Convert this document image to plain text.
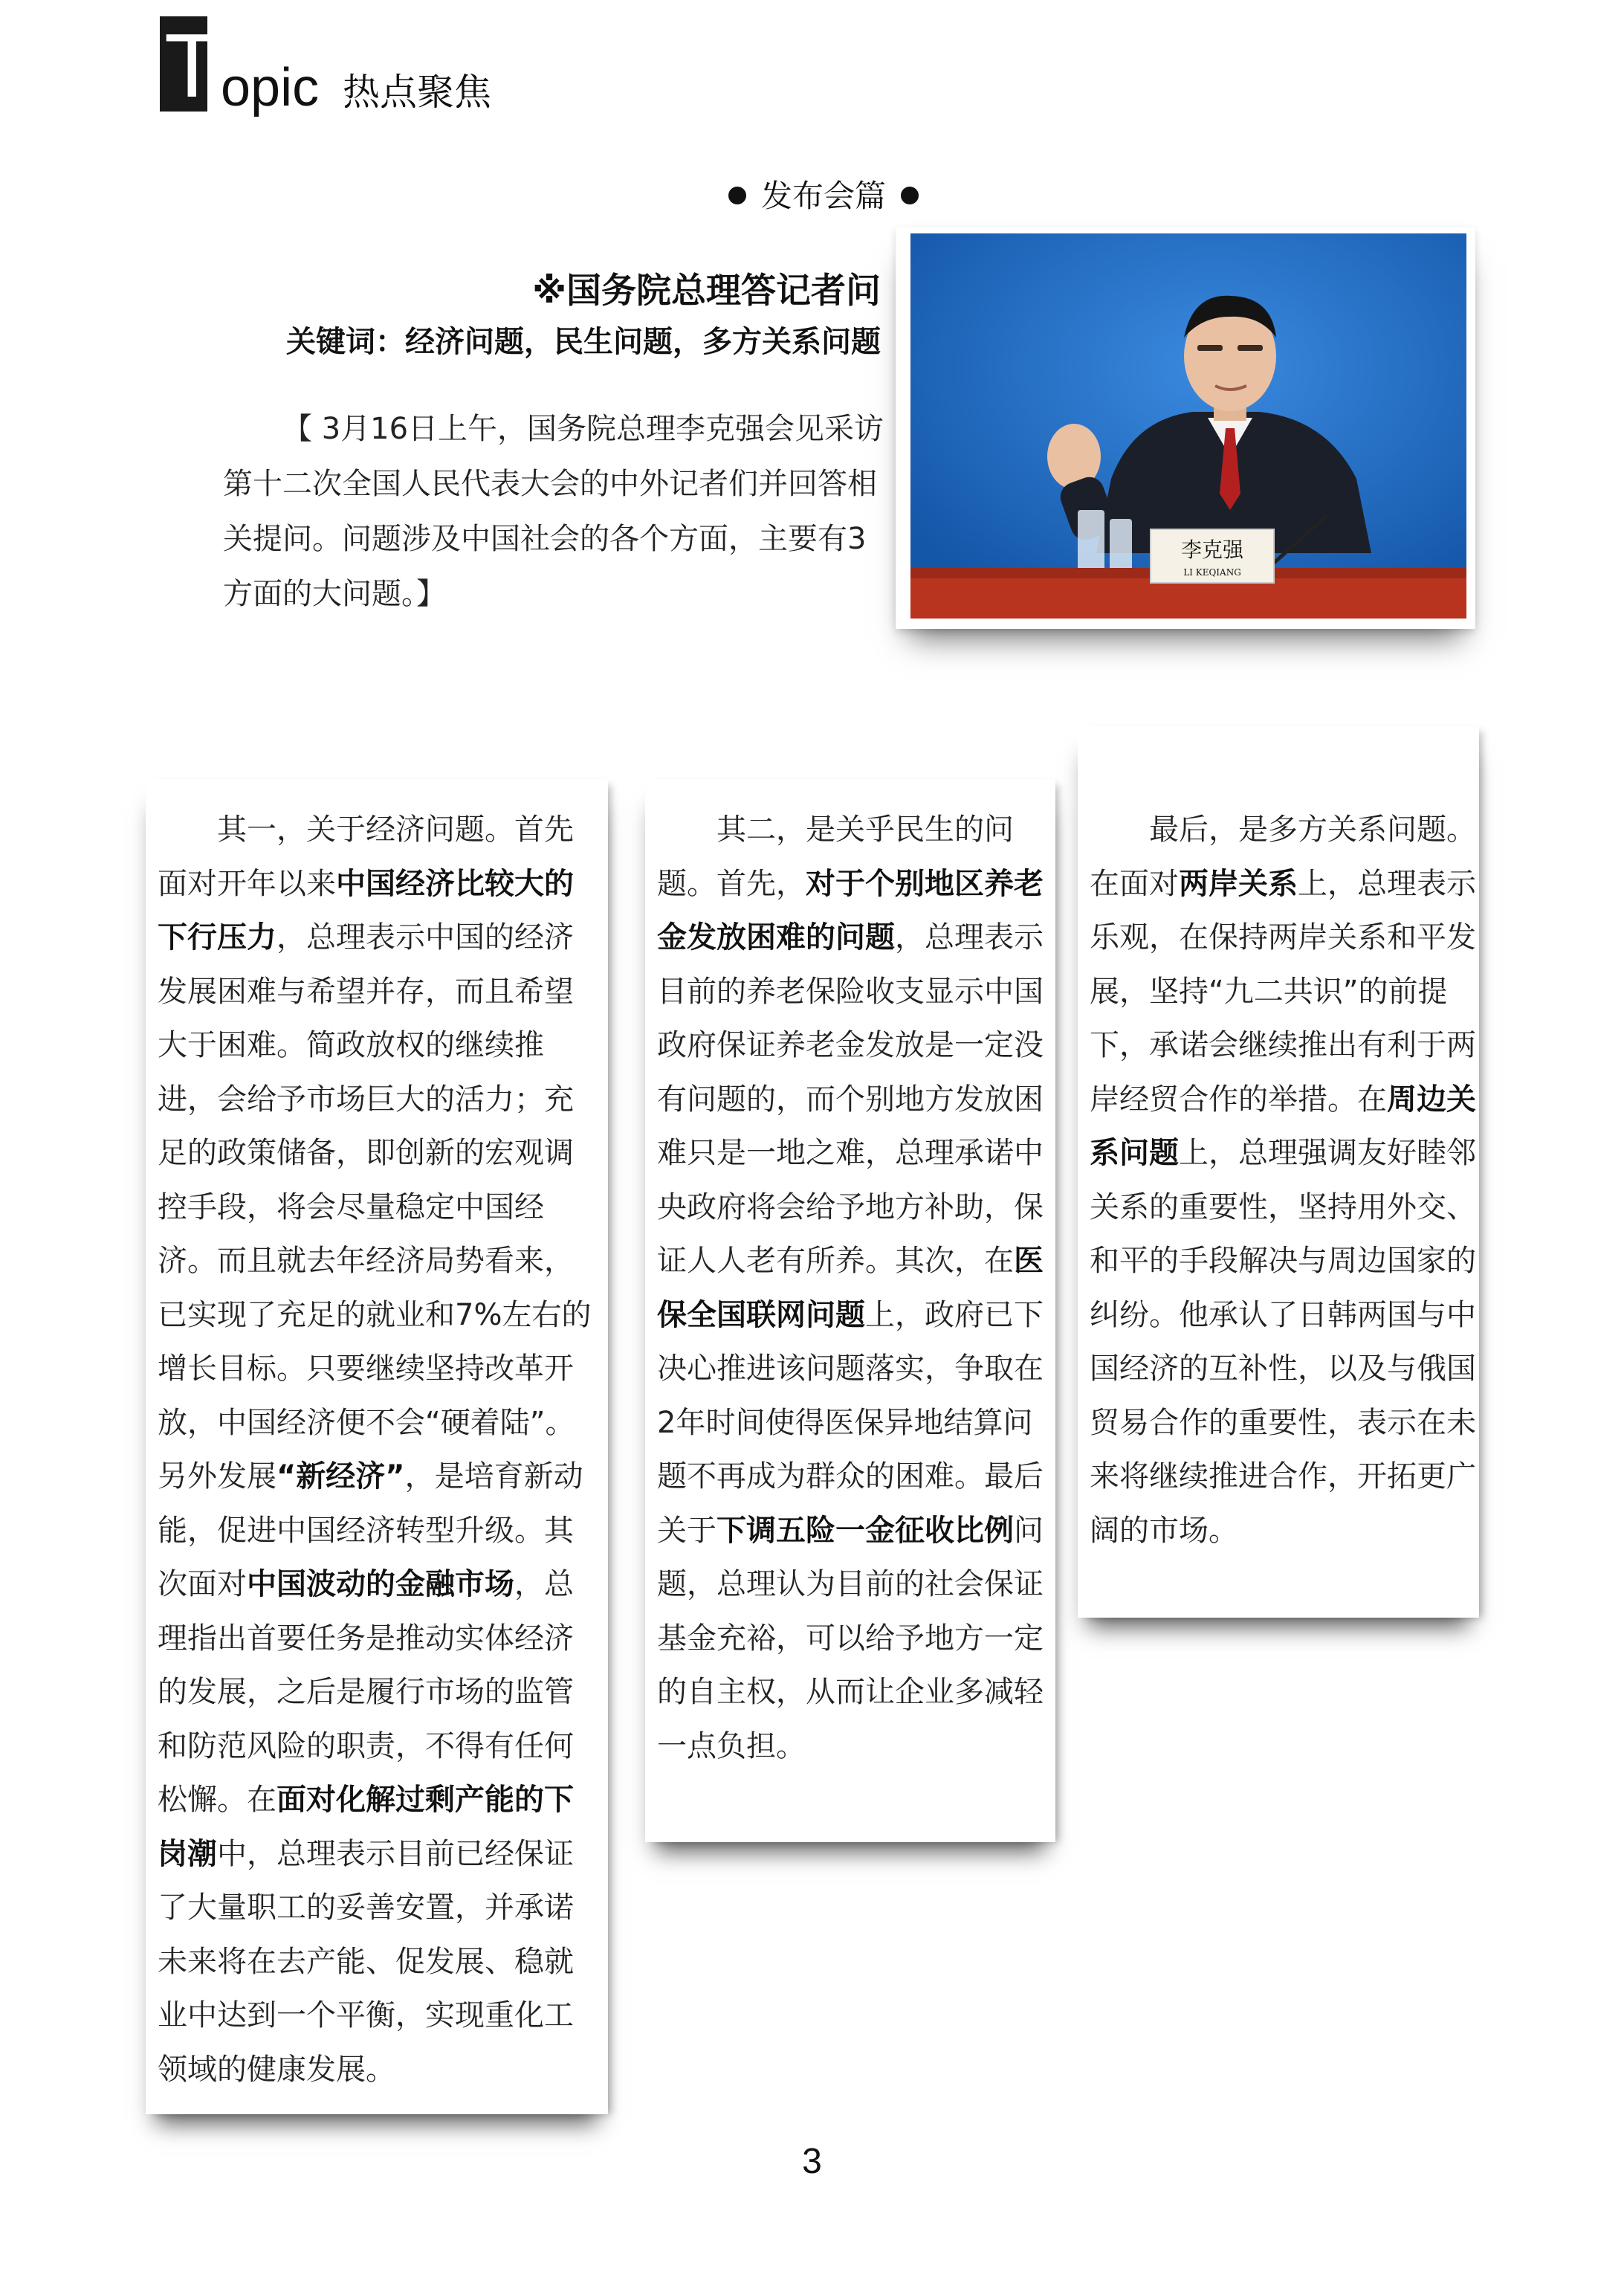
T opic 热点聚焦
发布会篇
※国务院总理答记者问
关键词：经济问题，民生问题，多方关系问题
【 3月16日上午，国务院总理李克强会见采访第十二次全国人民代表大会的中外记者们并回答相关提问。问题涉及中国社会的各个方面，主要有3方面的大问题。】
李克强
LI KEQIANG

其一，关于经济问题。首先面对开年以来中国经济比较大的下行压力，总理表示中国的经济发展困难与希望并存，而且希望大于困难。简政放权的继续推进，会给予市场巨大的活力；充足的政策储备，即创新的宏观调控手段，将会尽量稳定中国经济。而且就去年经济局势看来，已实现了充足的就业和7%左右的增长目标。只要继续坚持改革开放，中国经济便不会“硬着陆”。另外发展“新经济”，是培育新动能，促进中国经济转型升级。其次面对中国波动的金融市场，总理指出首要任务是推动实体经济的发展，之后是履行市场的监管和防范风险的职责，不得有任何松懈。在面对化解过剩产能的下岗潮中，总理表示目前已经保证了大量职工的妥善安置，并承诺未来将在去产能、促发展、稳就业中达到一个平衡，实现重化工领域的健康发展。

其二，是关乎民生的问题。首先，对于个别地区养老金发放困难的问题，总理表示目前的养老保险收支显示中国政府保证养老金发放是一定没有问题的，而个别地方发放困难只是一地之难，总理承诺中央政府将会给予地方补助，保证人人老有所养。其次，在医保全国联网问题上，政府已下决心推进该问题落实，争取在2年时间使得医保异地结算问题不再成为群众的困难。最后关于下调五险一金征收比例问题，总理认为目前的社会保证基金充裕，可以给予地方一定的自主权，从而让企业多减轻一点负担。

最后，是多方关系问题。在面对两岸关系上，总理表示乐观，在保持两岸关系和平发展，坚持“九二共识”的前提下，承诺会继续推出有利于两岸经贸合作的举措。在周边关系问题上，总理强调友好睦邻关系的重要性，坚持用外交、和平的手段解决与周边国家的纠纷。他承认了日韩两国与中国经济的互补性，以及与俄国贸易合作的重要性，表示在未来将继续推进合作，开拓更广阔的市场。

3
